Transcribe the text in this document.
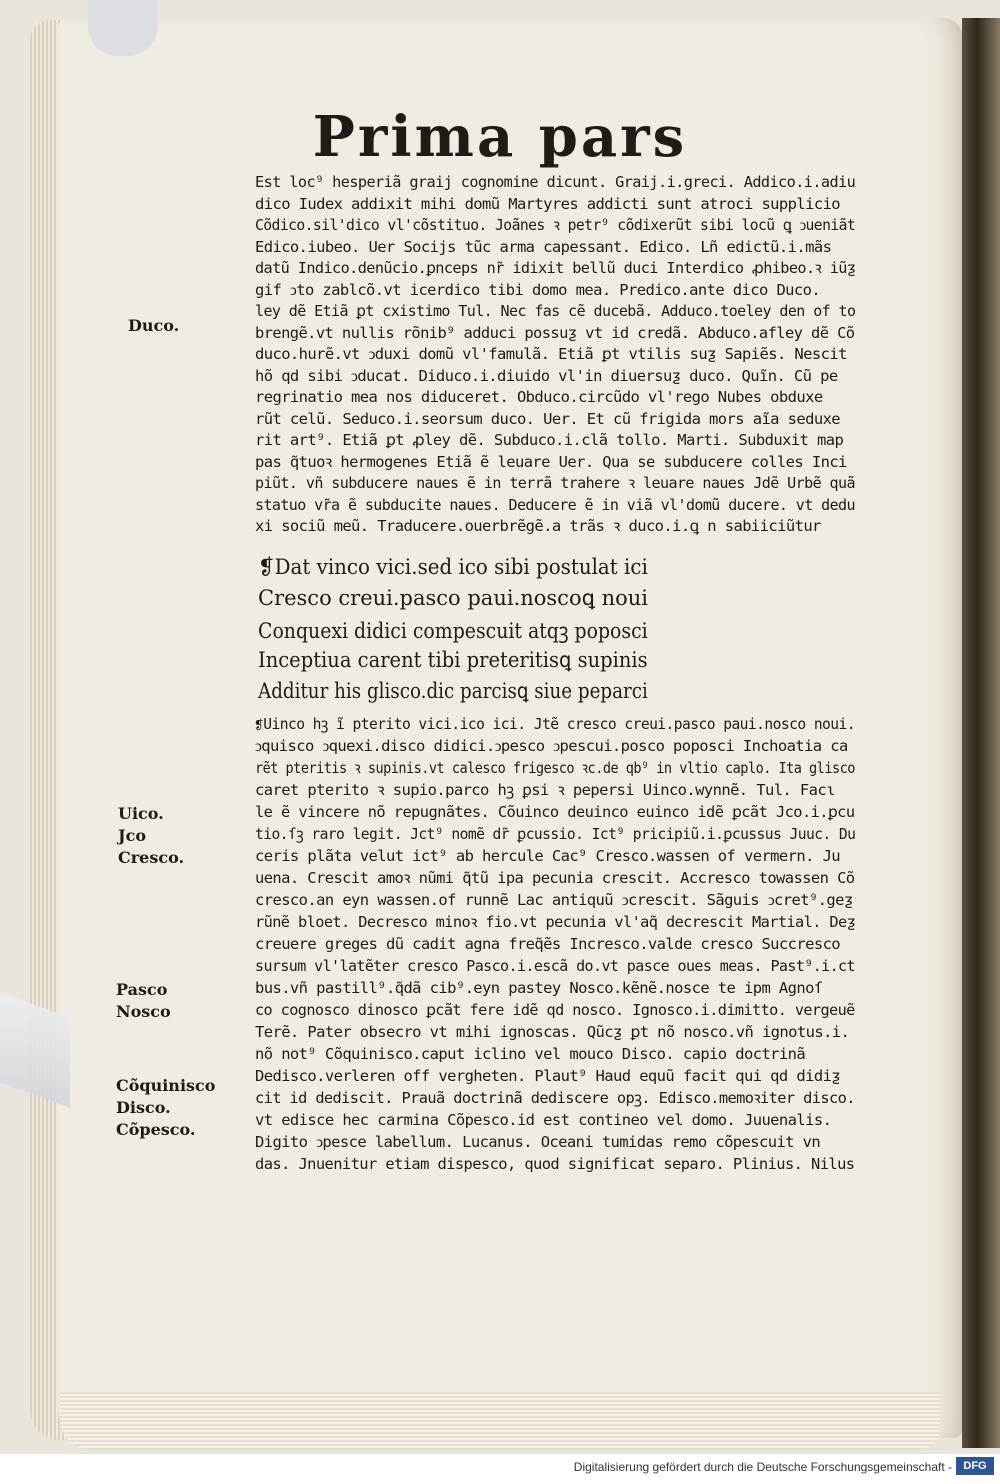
Prima pars
Est loc⁹ hesperiã graij cognomine dicunt. Graij.i.greci. Addico.i.adiu
dico Iudex addixit mihi domũ Martyres addicti sunt atroci supplicio
Cõdico.sil'dico vl'cõstituo. Joãnes ꝛ petr⁹ cõdixerũt sibi locũ ꝗ ↄueniãt
Edico.iubeo. Uer Socijs tũc arma capessant. Edico. Lñ edictũ.i.mãs
datũ Indico.denũcio.ꝑnceps nr̃ idixit bellũ duci Interdico ꝓhibeo.ꝛ iũƺ
gif ↄto zablcõ.vt icerdico tibi domo mea. Predico.ante dico Duco.
ley dẽ Etiã ꝑt cxistimo Tul. Nec fas cẽ ducebã. Adduco.toeley den of to
brengẽ.vt nullis rõnib⁹ adduci possuƺ vt id credã. Abduco.afley dẽ Cõ
duco.hurẽ.vt ↄduxi domũ vl'famulã. Etiã ꝑt vtilis suƺ Sapiẽs. Nescit
hõ qd sibi ↄducat. Diduco.i.diuido vl'in diuersuƺ duco. Quĩn. Cũ pe
regrinatio mea nos diduceret. Obduco.circũdo vl'rego Nubes obduxe
rũt celũ. Seduco.i.seorsum duco. Uer. Et cũ frigida mors aĩa seduxe
rit art⁹. Etiã ꝑt ꝓley dẽ. Subduco.i.clã tollo. Marti. Subduxit map
pas q̃tuoꝛ hermogenes Etiã ẽ leuare Uer. Qua se subducere colles Inci
piũt. vñ subducere naues ẽ in terrã trahere ꝛ leuare naues Jdẽ Urbẽ quã
statuo vr̃a ẽ subducite naues. Deducere ẽ in viã vl'domũ ducere. vt dedu
xi sociũ meũ. Traducere.ouerbrẽgẽ.a trãs ꝛ duco.i.ꝗ n sabiiciũtur
❡Dat vinco vici.sed ico sibi postulat ici
Cresco creui.pasco paui.noscoꝗ noui
Conquexi didici compescuit atqꝫ poposci
Inceptiua carent tibi preteritisꝗ supinis
Additur his glisco.dic parcisꝗ siue peparci
❡Uinco hꝫ ĩ pterito vici.ico ici. Jtẽ cresco creui.pasco paui.nosco noui.
ↄquisco ↄquexi.disco didici.ↄpesco ↄpescui.posco poposci Inchoatia ca
rẽt pteritis ꝛ supinis.vt calesco frigesco ꝛc.de qb⁹ in vltio caplo. Ita glisco
caret pterito ꝛ supio.parco hꝫ ꝑsi ꝛ pepersi Uinco.wynnẽ. Tul. Facɩ
le ẽ vincere nõ repugnãtes. Cõuinco deuinco euinco idẽ ꝑcãt Jco.i.ꝑcu
tio.ſꝫ raro legit. Jct⁹ nomẽ dr̃ ꝑcussio. Ict⁹ pricipiũ.i.ꝑcussus Juuc. Du
ceris plãta velut ict⁹ ab hercule Cac⁹ Cresco.wassen of vermern. Ju
uena. Crescit amoꝛ nũmi q̃tũ ipa pecunia crescit. Accresco towassen Cõ
cresco.an eyn wassen.of runnẽ Lac antiquũ ↄcrescit. Sãguis ↄcret⁹.geƺ
rũnẽ bloet. Decresco minoꝛ fio.vt pecunia vl'aq̃ decrescit Martial. Deƺ
creuere greges dũ cadit agna freq̃ẽs Incresco.valde cresco Succresco
sursum vl'latẽter cresco Pasco.i.escã do.vt pasce oues meas. Past⁹.i.ct
bus.vñ pastill⁹.q̃dã cib⁹.eyn pastey Nosco.kẽnẽ.nosce te ipm Agnoſ
co cognosco dinosco ꝑcãt fere idẽ qd nosco. Ignosco.i.dimitto. vergeuẽ
Terẽ. Pater obsecro vt mihi ignoscas. Qũcƺ ꝑt nõ nosco.vñ ignotus.i.
nõ not⁹ Cõquinisco.caput iclino vel mouco Disco. capio doctrinã
Dedisco.verleren off vergheten. Plaut⁹ Haud equũ facit qui qd didiƺ
cit id dediscit. Prauã doctrinã dediscere opꝫ. Edisco.memoꝛiter disco.
vt edisce hec carmina Cõpesco.id est contineo vel domo. Juuenalis.
Digito ↄpesce labellum. Lucanus. Oceani tumidas remo cõpescuit vn
das. Jnuenitur etiam dispesco, quod significat separo. Plinius. Nilus
Duco.
Uico.
Jco
Cresco.
Pasco
Nosco
Cõquinisco
Disco.
Cõpesco.
Digitalisierung gefördert durch die Deutsche Forschungsgemeinschaft -	DFG
